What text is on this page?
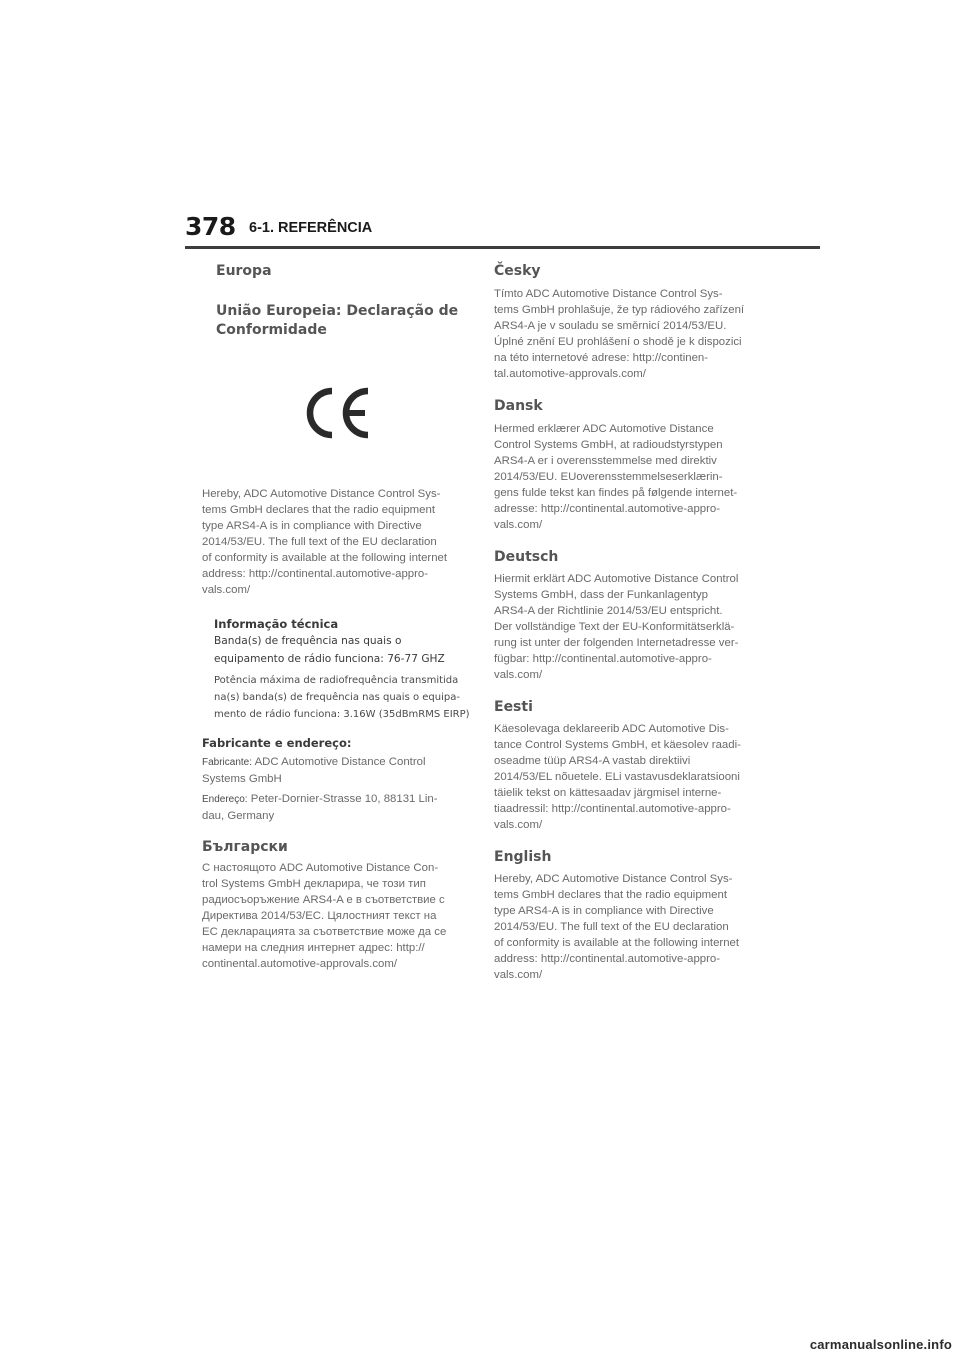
378 6-1. REFERÊNCIA

Europa

União Europeia: Declaração de

Conformidade

Hereby, ADC Automotive Distance Control Sys-

tems GmbH declares that the radio equipment

type ARS4-A is in compliance with Directive

2014/53/EU. The full text of the EU declaration

of conformity is available at the following internet

address: http://continental.automotive-appro-

vals.com/

Informação técnica

Banda(s) de frequência nas quais o

equipamento de rádio funciona: 76-77 GHZ

Potência máxima de radiofrequência transmitida

na(s) banda(s) de frequência nas quais o equipa-

mento de rádio funciona: 3.16W (35dBmRMS EIRP)

Fabricante e endereço:

Fabricante: ADC Automotive Distance Control

Systems GmbH

Endereço: Peter-Dornier-Strasse 10, 88131 Lin-

dau, Germany

Български

С настоящото ADC Automotive Distance Con-

trol Systems GmbH декларира, че този тип

радиосъоръжение ARS4-A е в съответствие с

Директива 2014/53/ЕС. Цялостният текст на

ЕС декларацията за съответствие може да се

намери на следния интернет адрес: http://

continental.automotive-approvals.com/

Česky

Tímto ADC Automotive Distance Control Sys-

tems GmbH prohlašuje, že typ rádiového zařízení

ARS4-A je v souladu se směrnicí 2014/53/EU.

Úplné znění EU prohlášení o shodě je k dispozici

na této internetové adrese: http://continen-

tal.automotive-approvals.com/

Dansk

Hermed erklærer ADC Automotive Distance

Control Systems GmbH, at radioudstyrstypen

ARS4-A er i overensstemmelse med direktiv

2014/53/EU. EUoverensstemmelseserklærin-

gens fulde tekst kan findes på følgende internet-

adresse: http://continental.automotive-appro-

vals.com/

Deutsch

Hiermit erklärt ADC Automotive Distance Control

Systems GmbH, dass der Funkanlagentyp

ARS4-A der Richtlinie 2014/53/EU entspricht.

Der vollständige Text der EU-Konformitätserklä-

rung ist unter der folgenden Internetadresse ver-

fügbar: http://continental.automotive-appro-

vals.com/

Eesti

Käesolevaga deklareerib ADC Automotive Dis-

tance Control Systems GmbH, et käesolev raadi-

oseadme tüüp ARS4-A vastab direktiivi

2014/53/EL nõuetele. ELi vastavusdeklaratsiooni

täielik tekst on kättesaadav järgmisel interne-

tiaadressil: http://continental.automotive-appro-

vals.com/

English

Hereby, ADC Automotive Distance Control Sys-

tems GmbH declares that the radio equipment

type ARS4-A is in compliance with Directive

2014/53/EU. The full text of the EU declaration

of conformity is available at the following internet

address: http://continental.automotive-appro-

vals.com/

carmanualsonline.info
